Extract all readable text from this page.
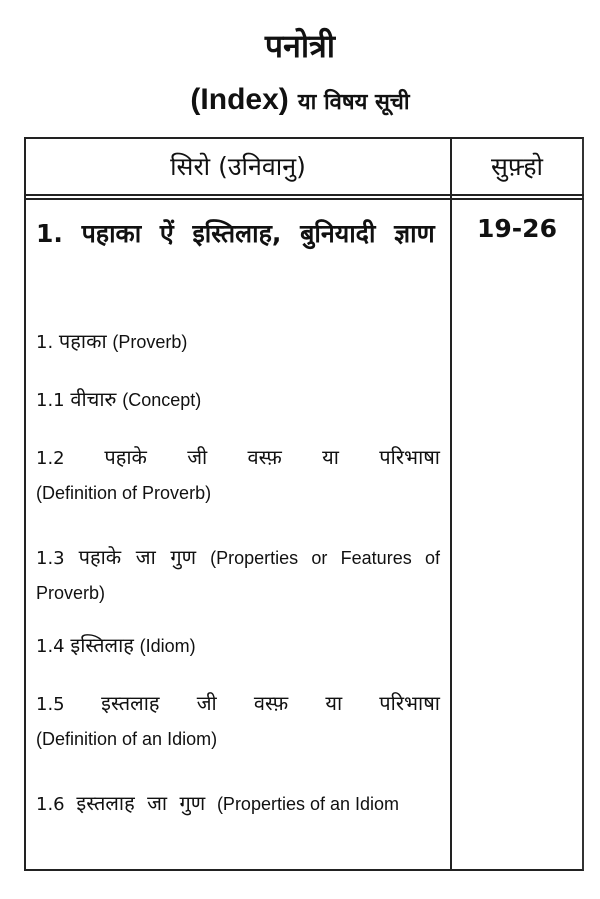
पनोत्री
(Index) या विषय सूची
सिरो (उनिवानु)	सुफ़्हो
1. पहाका ऐं इस्तिलाह, बुनियादी ज्ञाण	19-26
1. पहाका (Proverb)
1.1 वीचारु (Concept)
1.2 पहाके जी वस्फ़ या परिभाषा (Definition of Proverb)
1.3 पहाके जा गुण (Properties or Features of Proverb)
1.4 इस्तिलाह (Idiom)
1.5 इस्तलाह जी वस्फ़ या परिभाषा (Definition of an Idiom)
1.6 इस्तलाह जा गुण (Properties of an Idiom
